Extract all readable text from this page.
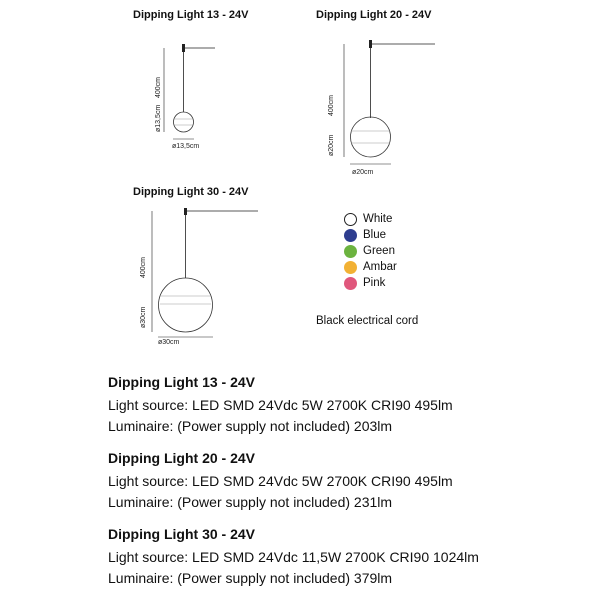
Dipping Light 13 - 24V
400cm
ø13,5cm
ø13,5cm
Dipping Light 20 - 24V
400cm
ø20cm
ø20cm
Dipping Light 30 - 24V
400cm
ø30cm
ø30cm
White
Blue
Green
Ambar
Pink
Black electrical cord
Dipping Light 13 - 24V
Light source: LED SMD 24Vdc 5W 2700K CRI90 495lm
Luminaire: (Power supply not included) 203lm
Dipping Light 20 - 24V
Light source: LED SMD 24Vdc 5W 2700K CRI90 495lm
Luminaire: (Power supply not included) 231lm
Dipping Light 30 - 24V
Light source: LED SMD 24Vdc 11,5W 2700K CRI90 1024lm
Luminaire: (Power supply not included) 379lm
